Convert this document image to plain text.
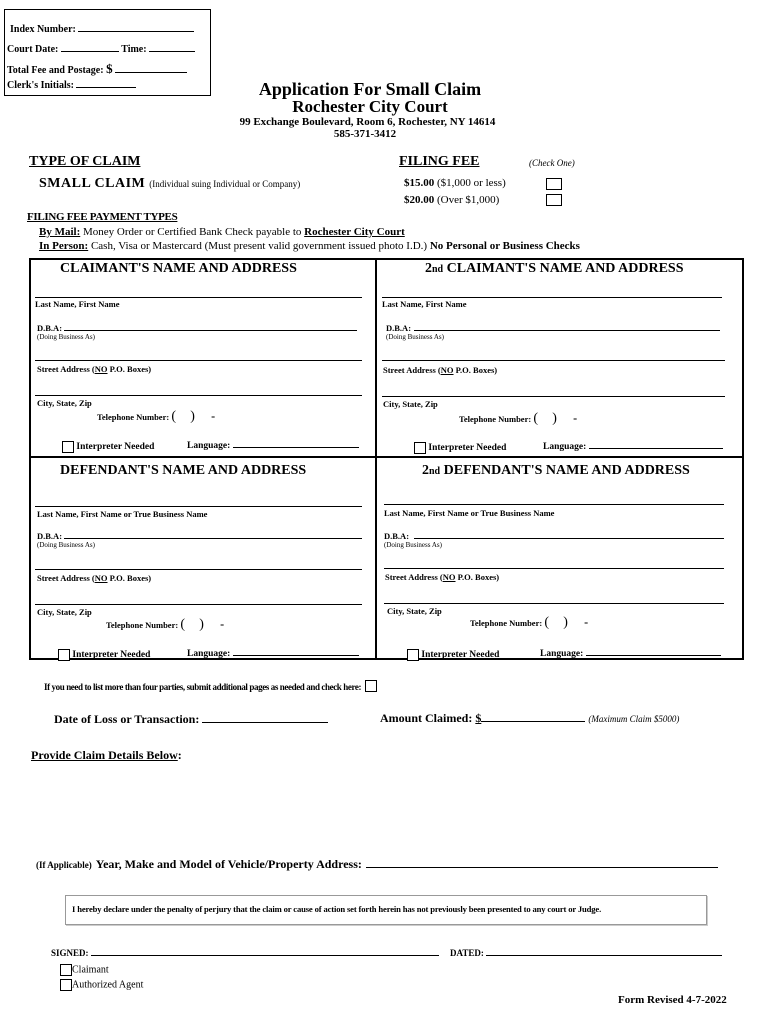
Index Number:
Court Date:	Time:
Total Fee and Postage: $
Clerk's Initials:	Application For Small Claim
Rochester City Court
99 Exchange Boulevard, Room 6, Rochester, NY 14614
585-371-3412
TYPE OF CLAIM
SMALL CLAIM (Individual suing Individual or Company)
FILING FEE	(Check One)
$15.00 ($1,000 or less)
$20.00 (Over $1,000)
FILING FEE PAYMENT TYPES
By Mail: Money Order or Certified Bank Check payable to Rochester City Court
In Person: Cash, Visa or Mastercard (Must present valid government issued photo I.D.) No Personal or Business Checks
CLAIMANT'S NAME AND ADDRESS
Last Name, First Name
D.B.A:
(Doing Business As)
Street Address (NO P.O. Boxes)
City, State, Zip
Telephone Number: ( ) -
Interpreter Needed	Language:
2nd CLAIMANT'S NAME AND ADDRESS
Last Name, First Name
D.B.A:
(Doing Business As)
Street Address (NO P.O. Boxes)
City, State, Zip
Telephone Number: ( ) -
Interpreter Needed	Language:
DEFENDANT'S NAME AND ADDRESS
Last Name, First Name or True Business Name
D.B.A:
(Doing Business As)
Street Address (NO P.O. Boxes)
City, State, Zip
Telephone Number: ( ) -
Interpreter Needed	Language:
2nd DEFENDANT'S NAME AND ADDRESS
Last Name, First Name or True Business Name
D.B.A:
(Doing Business As)
Street Address (NO P.O. Boxes)
City, State, Zip
Telephone Number: ( ) -
Interpreter Needed	Language:
If you need to list more than four parties, submit additional pages as needed and check here:
Date of Loss or Transaction:	Amount Claimed: $	(Maximum Claim $5000)
Provide Claim Details Below:
(If Applicable) Year, Make and Model of Vehicle/Property Address:
I hereby declare under the penalty of perjury that the claim or cause of action set forth herein has not previously been presented to any court or Judge.
SIGNED:	DATED:
Claimant
Authorized Agent
Form Revised 4-7-2022
